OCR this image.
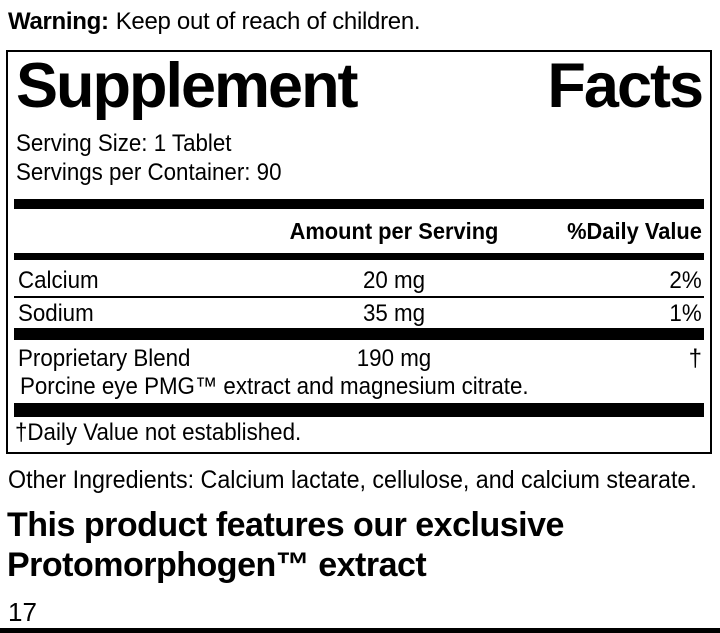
Warning: Keep out of reach of children.
Supplement	Facts
Serving Size: 1 Tablet
Servings per Container: 90
Amount per Serving	%Daily Value
Calcium	20 mg	2%
Sodium	35 mg	1%
Proprietary Blend	190 mg	†
Porcine eye PMG™ extract and magnesium citrate.
†Daily Value not established.
Other Ingredients: Calcium lactate, cellulose, and calcium stearate.
This product features our exclusive
Protomorphogen™ extract
17
